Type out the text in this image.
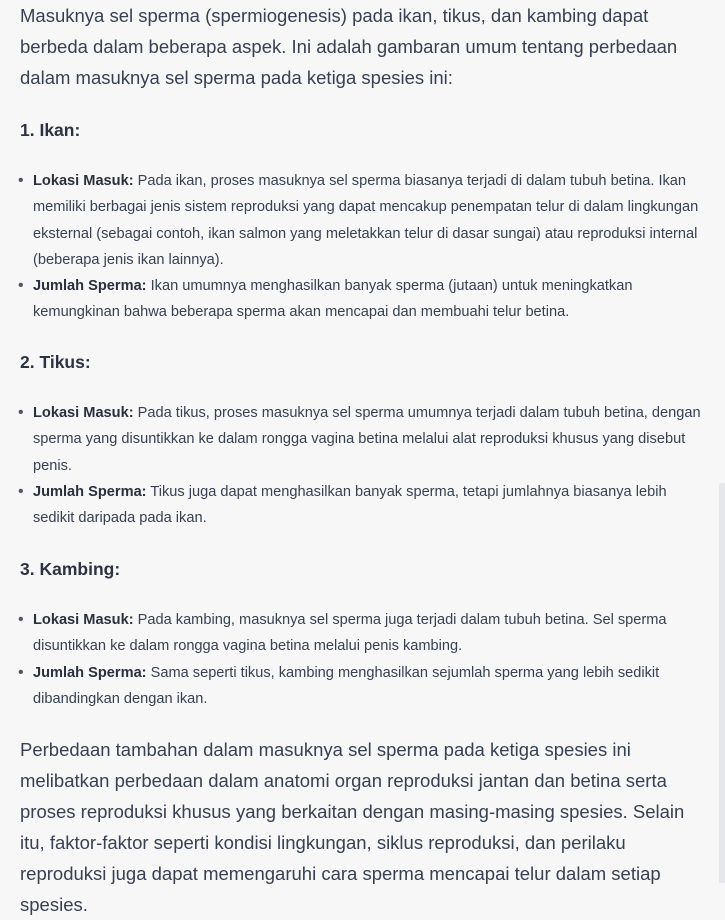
Masuknya sel sperma (spermiogenesis) pada ikan, tikus, dan kambing dapat berbeda dalam beberapa aspek. Ini adalah gambaran umum tentang perbedaan dalam masuknya sel sperma pada ketiga spesies ini:

1. Ikan:
• Lokasi Masuk: Pada ikan, proses masuknya sel sperma biasanya terjadi di dalam tubuh betina. Ikan memiliki berbagai jenis sistem reproduksi yang dapat mencakup penempatan telur di dalam lingkungan eksternal (sebagai contoh, ikan salmon yang meletakkan telur di dasar sungai) atau reproduksi internal (beberapa jenis ikan lainnya).
• Jumlah Sperma: Ikan umumnya menghasilkan banyak sperma (jutaan) untuk meningkatkan kemungkinan bahwa beberapa sperma akan mencapai dan membuahi telur betina.
2. Tikus:
• Lokasi Masuk: Pada tikus, proses masuknya sel sperma umumnya terjadi dalam tubuh betina, dengan sperma yang disuntikkan ke dalam rongga vagina betina melalui alat reproduksi khusus yang disebut penis.
• Jumlah Sperma: Tikus juga dapat menghasilkan banyak sperma, tetapi jumlahnya biasanya lebih sedikit daripada pada ikan.
3. Kambing:
• Lokasi Masuk: Pada kambing, masuknya sel sperma juga terjadi dalam tubuh betina. Sel sperma disuntikkan ke dalam rongga vagina betina melalui penis kambing.
• Jumlah Sperma: Sama seperti tikus, kambing menghasilkan sejumlah sperma yang lebih sedikit dibandingkan dengan ikan.

Perbedaan tambahan dalam masuknya sel sperma pada ketiga spesies ini melibatkan perbedaan dalam anatomi organ reproduksi jantan dan betina serta proses reproduksi khusus yang berkaitan dengan masing-masing spesies. Selain itu, faktor-faktor seperti kondisi lingkungan, siklus reproduksi, dan perilaku reproduksi juga dapat memengaruhi cara sperma mencapai telur dalam setiap spesies.
